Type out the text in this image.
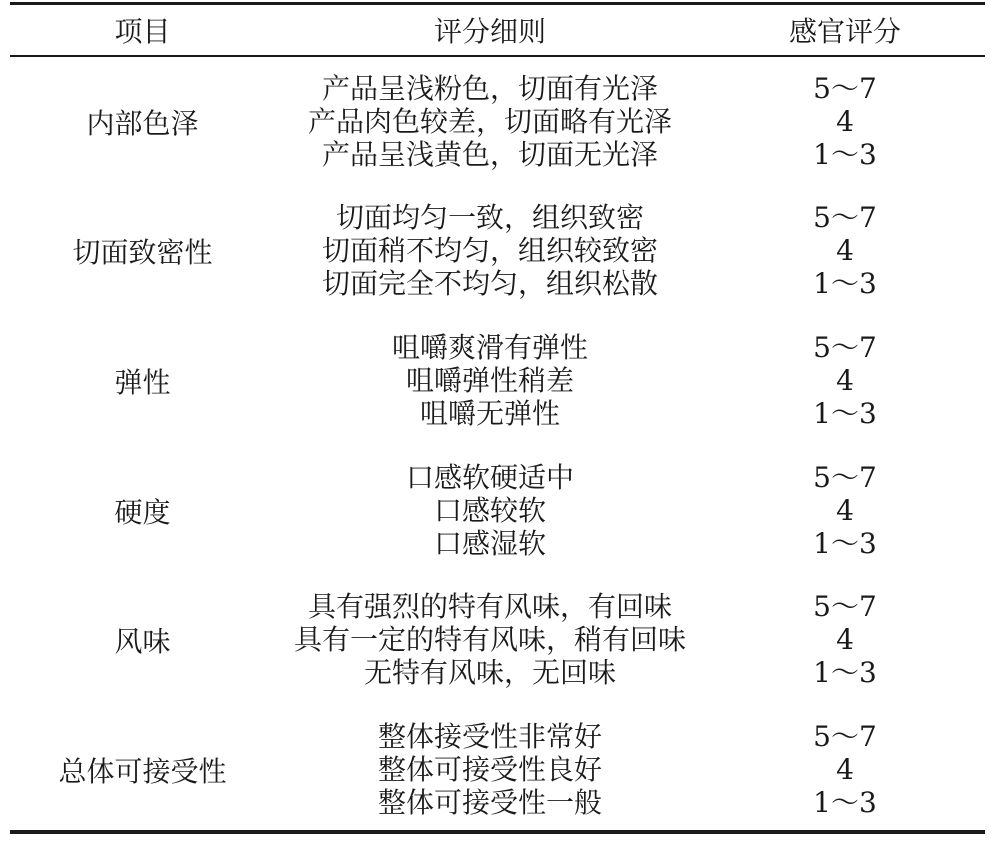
项目	评分细则	感官评分
内部色泽
产品呈浅粉色，切面有光泽
产品肉色较差，切面略有光泽
产品呈浅黄色，切面无光泽
5～7
4
1～3
切面致密性
切面均匀一致，组织致密
切面稍不均匀，组织较致密
切面完全不均匀，组织松散
5～7
4
1～3
弹性
咀嚼爽滑有弹性
咀嚼弹性稍差
咀嚼无弹性
5～7
4
1～3
硬度
口感软硬适中
口感较软
口感湿软
5～7
4
1～3
风味
具有强烈的特有风味，有回味
具有一定的特有风味，稍有回味
无特有风味，无回味
5～7
4
1～3
总体可接受性
整体接受性非常好
整体可接受性良好
整体可接受性一般
5～7
4
1～3
